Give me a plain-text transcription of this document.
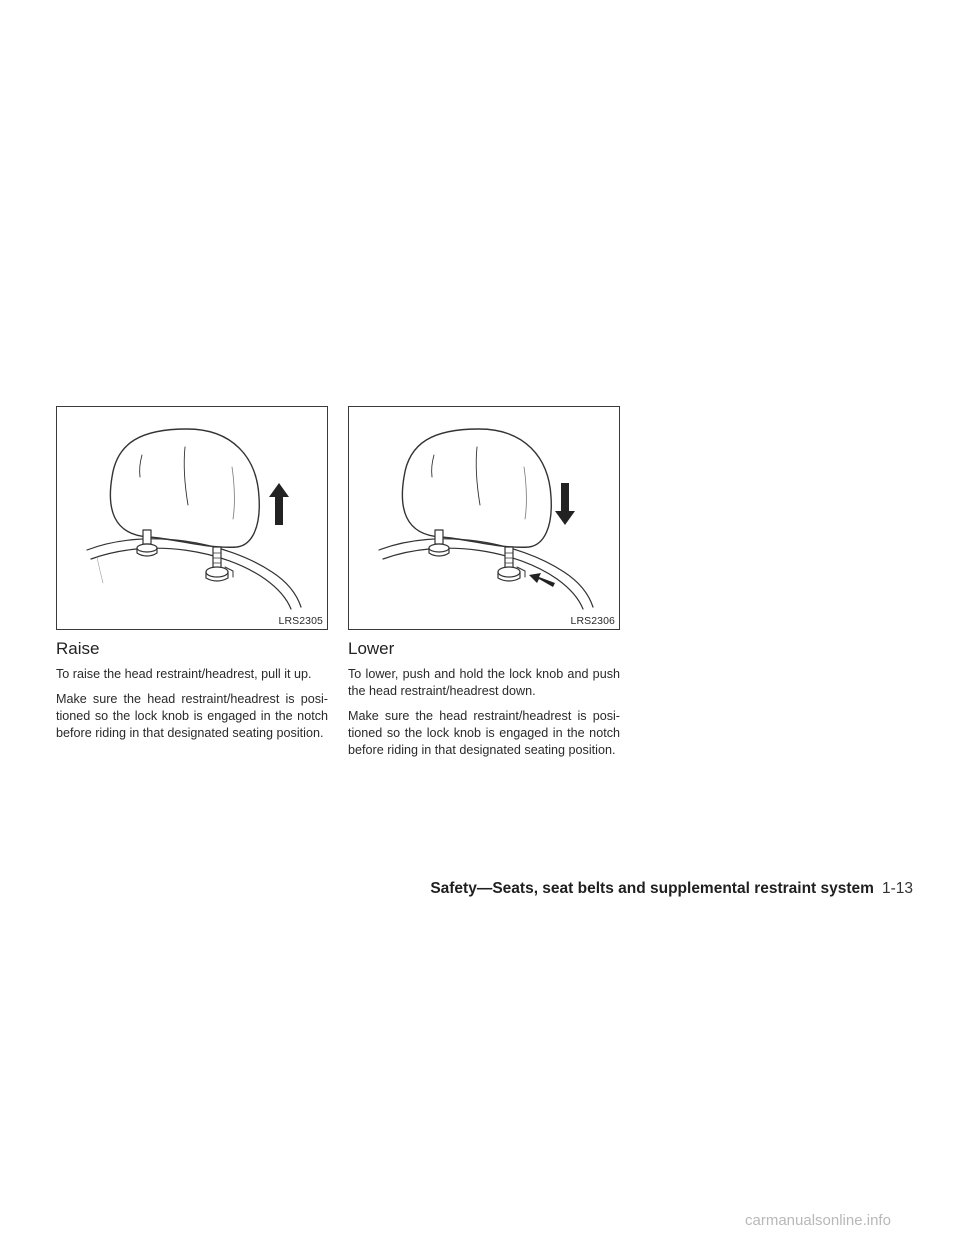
LRS2305
Raise

To raise the head restraint/headrest, pull it up.

Make sure the head restraint/headrest is posi-tioned so the lock knob is engaged in the notch before riding in that designated seating position.

LRS2306
Lower

To lower, push and hold the lock knob and push the head restraint/headrest down.

Make sure the head restraint/headrest is posi-tioned so the lock knob is engaged in the notch before riding in that designated seating position.

Safety—Seats, seat belts and supplemental restraint system 1-13
carmanualsonline.info
